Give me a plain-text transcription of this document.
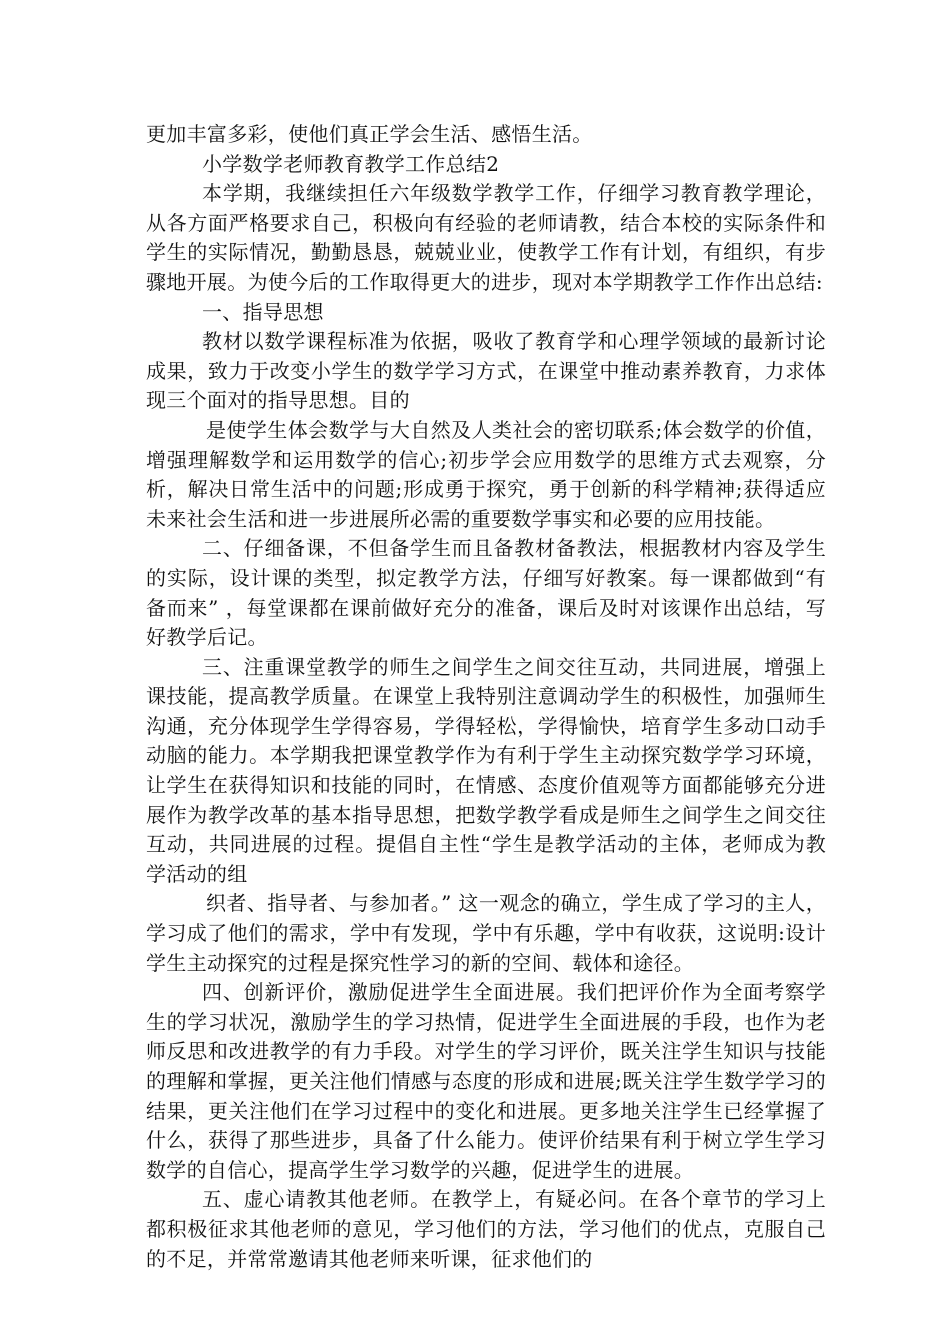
更加丰富多彩，使他们真正学会生活、感悟生活。

小学数学老师教育教学工作总结2

本学期，我继续担任六年级数学教学工作，仔细学习教育教学理论，从各方面严格要求自己，积极向有经验的老师请教，结合本校的实际条件和学生的实际情况，勤勤恳恳，兢兢业业，使教学工作有计划，有组织，有步骤地开展。为使今后的工作取得更大的进步，现对本学期教学工作作出总结:

一、指导思想

教材以数学课程标准为依据，吸收了教育学和心理学领域的最新讨论成果，致力于改变小学生的数学学习方式，在课堂中推动素养教育，力求体现三个面对的指导思想。目的

是使学生体会数学与大自然及人类社会的密切联系;体会数学的价值，增强理解数学和运用数学的信心;初步学会应用数学的思维方式去观察，分析，解决日常生活中的问题;形成勇于探究，勇于创新的科学精神;获得适应未来社会生活和进一步进展所必需的重要数学事实和必要的应用技能。

二、仔细备课，不但备学生而且备教材备教法，根据教材内容及学生的实际，设计课的类型，拟定教学方法，仔细写好教案。每一课都做到“有备而来” ，每堂课都在课前做好充分的准备，课后及时对该课作出总结，写好教学后记。

三、注重课堂教学的师生之间学生之间交往互动，共同进展，增强上课技能，提高教学质量。在课堂上我特别注意调动学生的积极性，加强师生沟通，充分体现学生学得容易，学得轻松，学得愉快，培育学生多动口动手动脑的能力。本学期我把课堂教学作为有利于学生主动探究数学学习环境，让学生在获得知识和技能的同时，在情感、态度价值观等方面都能够充分进展作为教学改革的基本指导思想，把数学教学看成是师生之间学生之间交往互动，共同进展的过程。提倡自主性“学生是教学活动的主体，老师成为教学活动的组

织者、指导者、与参加者。” 这一观念的确立，学生成了学习的主人，学习成了他们的需求，学中有发现，学中有乐趣，学中有收获，这说明:设计学生主动探究的过程是探究性学习的新的空间、载体和途径。

四、创新评价，激励促进学生全面进展。我们把评价作为全面考察学生的学习状况，激励学生的学习热情，促进学生全面进展的手段，也作为老师反思和改进教学的有力手段。对学生的学习评价，既关注学生知识与技能的理解和掌握，更关注他们情感与态度的形成和进展;既关注学生数学学习的结果，更关注他们在学习过程中的变化和进展。更多地关注学生已经掌握了什么，获得了那些进步，具备了什么能力。使评价结果有利于树立学生学习数学的自信心，提高学生学习数学的兴趣，促进学生的进展。

五、虚心请教其他老师。在教学上，有疑必问。在各个章节的学习上都积极征求其他老师的意见，学习他们的方法，学习他们的优点，克服自己的不足，并常常邀请其他老师来听课，征求他们的
